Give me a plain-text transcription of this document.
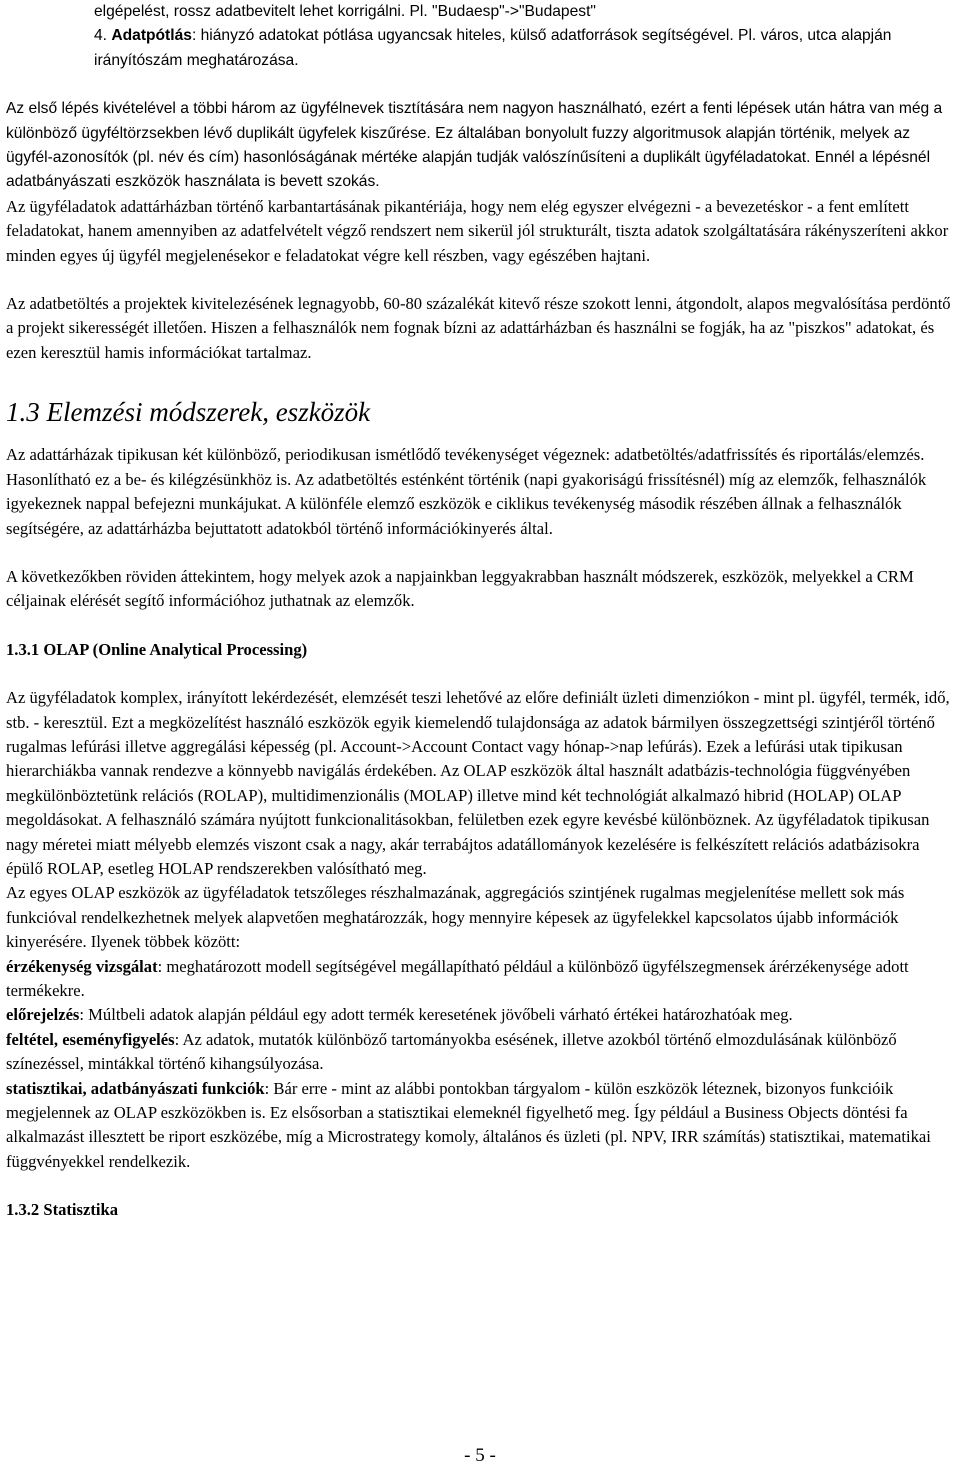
elgépelést, rossz adatbevitelt lehet korrigálni. Pl. "Budaesp"->"Budapest"

4. Adatpótlás: hiányzó adatokat pótlása ugyancsak hiteles, külső adatforrások segítségével. Pl. város, utca alapján irányítószám meghatározása.

Az első lépés kivételével a többi három az ügyfélnevek tisztítására nem nagyon használható, ezért a fenti lépések után hátra van még a különböző ügyféltörzsekben lévő duplikált ügyfelek kiszűrése. Ez általában bonyolult fuzzy algoritmusok alapján történik, melyek az ügyfél-azonosítók (pl. név és cím) hasonlóságának mértéke alapján tudják valószínűsíteni a duplikált ügyféladatokat. Ennél a lépésnél adatbányászati eszközök használata is bevett szokás.

Az ügyféladatok adattárházban történő karbantartásának pikantériája, hogy nem elég egyszer elvégezni - a bevezetéskor - a fent említett feladatokat, hanem amennyiben az adatfelvételt végző rendszert nem sikerül jól strukturált, tiszta adatok szolgáltatására rákényszeríteni akkor minden egyes új ügyfél megjelenésekor e feladatokat végre kell részben, vagy egészében hajtani.

Az adatbetöltés a projektek kivitelezésének legnagyobb, 60-80 százalékát kitevő része szokott lenni, átgondolt, alapos megvalósítása perdöntő a projekt sikerességét illetően. Hiszen a felhasználók nem fognak bízni az adattárházban és használni se fogják, ha az "piszkos" adatokat, és ezen keresztül hamis információkat tartalmaz.

1.3 Elemzési módszerek, eszközök

Az adattárházak tipikusan két különböző, periodikusan ismétlődő tevékenységet végeznek: adatbetöltés/adatfrissítés és riportálás/elemzés. Hasonlítható ez a be- és kilégzésünkhöz is. Az adatbetöltés esténként történik (napi gyakoriságú frissítésnél) míg az elemzők, felhasználók igyekeznek nappal befejezni munkájukat. A különféle elemző eszközök e ciklikus tevékenység második részében állnak a felhasználók segítségére, az adattárházba bejuttatott adatokból történő információkinyerés által.

A következőkben röviden áttekintem, hogy melyek azok a napjainkban leggyakrabban használt módszerek, eszközök, melyekkel a CRM céljainak elérését segítő információhoz juthatnak az elemzők.

1.3.1 OLAP (Online Analytical Processing)

Az ügyféladatok komplex, irányított lekérdezését, elemzését teszi lehetővé az előre definiált üzleti dimenziókon - mint pl. ügyfél, termék, idő, stb. - keresztül. Ezt a megközelítést használó eszközök egyik kiemelendő tulajdonsága az adatok bármilyen összegzettségi szintjéről történő rugalmas lefúrási illetve aggregálási képesség (pl. Account->Account Contact vagy hónap->nap lefúrás). Ezek a lefúrási utak tipikusan hierarchiákba vannak rendezve a könnyebb navigálás érdekében. Az OLAP eszközök által használt adatbázis-technológia függvényében megkülönböztetünk relációs (ROLAP), multidimenzionális (MOLAP) illetve mind két technológiát alkalmazó hibrid (HOLAP) OLAP megoldásokat. A felhasználó számára nyújtott funkcionalitásokban, felületben ezek egyre kevésbé különböznek. Az ügyféladatok tipikusan nagy méretei miatt mélyebb elemzés viszont csak a nagy, akár terrabájtos adatállományok kezelésére is felkészített relációs adatbázisokra épülő ROLAP, esetleg HOLAP rendszerekben valósítható meg.

Az egyes OLAP eszközök az ügyféladatok tetszőleges részhalmazának, aggregációs szintjének rugalmas megjelenítése mellett sok más funkcióval rendelkezhetnek melyek alapvetően meghatározzák, hogy mennyire képesek az ügyfelekkel kapcsolatos újabb információk kinyerésére. Ilyenek többek között:

érzékenység vizsgálat: meghatározott modell segítségével megállapítható például a különböző ügyfélszegmensek árérzékenysége adott termékekre.

előrejelzés: Múltbeli adatok alapján például egy adott termék keresetének jövőbeli várható értékei határozhatóak meg.

feltétel, eseményfigyelés: Az adatok, mutatók különböző tartományokba esésének, illetve azokból történő elmozdulásának különböző színezéssel, mintákkal történő kihangsúlyozása.

statisztikai, adatbányászati funkciók: Bár erre - mint az alábbi pontokban tárgyalom - külön eszközök léteznek, bizonyos funkcióik megjelennek az OLAP eszközökben is. Ez elsősorban a statisztikai elemeknél figyelhető meg. Így például a Business Objects döntési fa alkalmazást illesztett be riport eszközébe, míg a Microstrategy komoly, általános és üzleti (pl. NPV, IRR számítás) statisztikai, matematikai függvényekkel rendelkezik.

1.3.2 Statisztika
- 5 -
